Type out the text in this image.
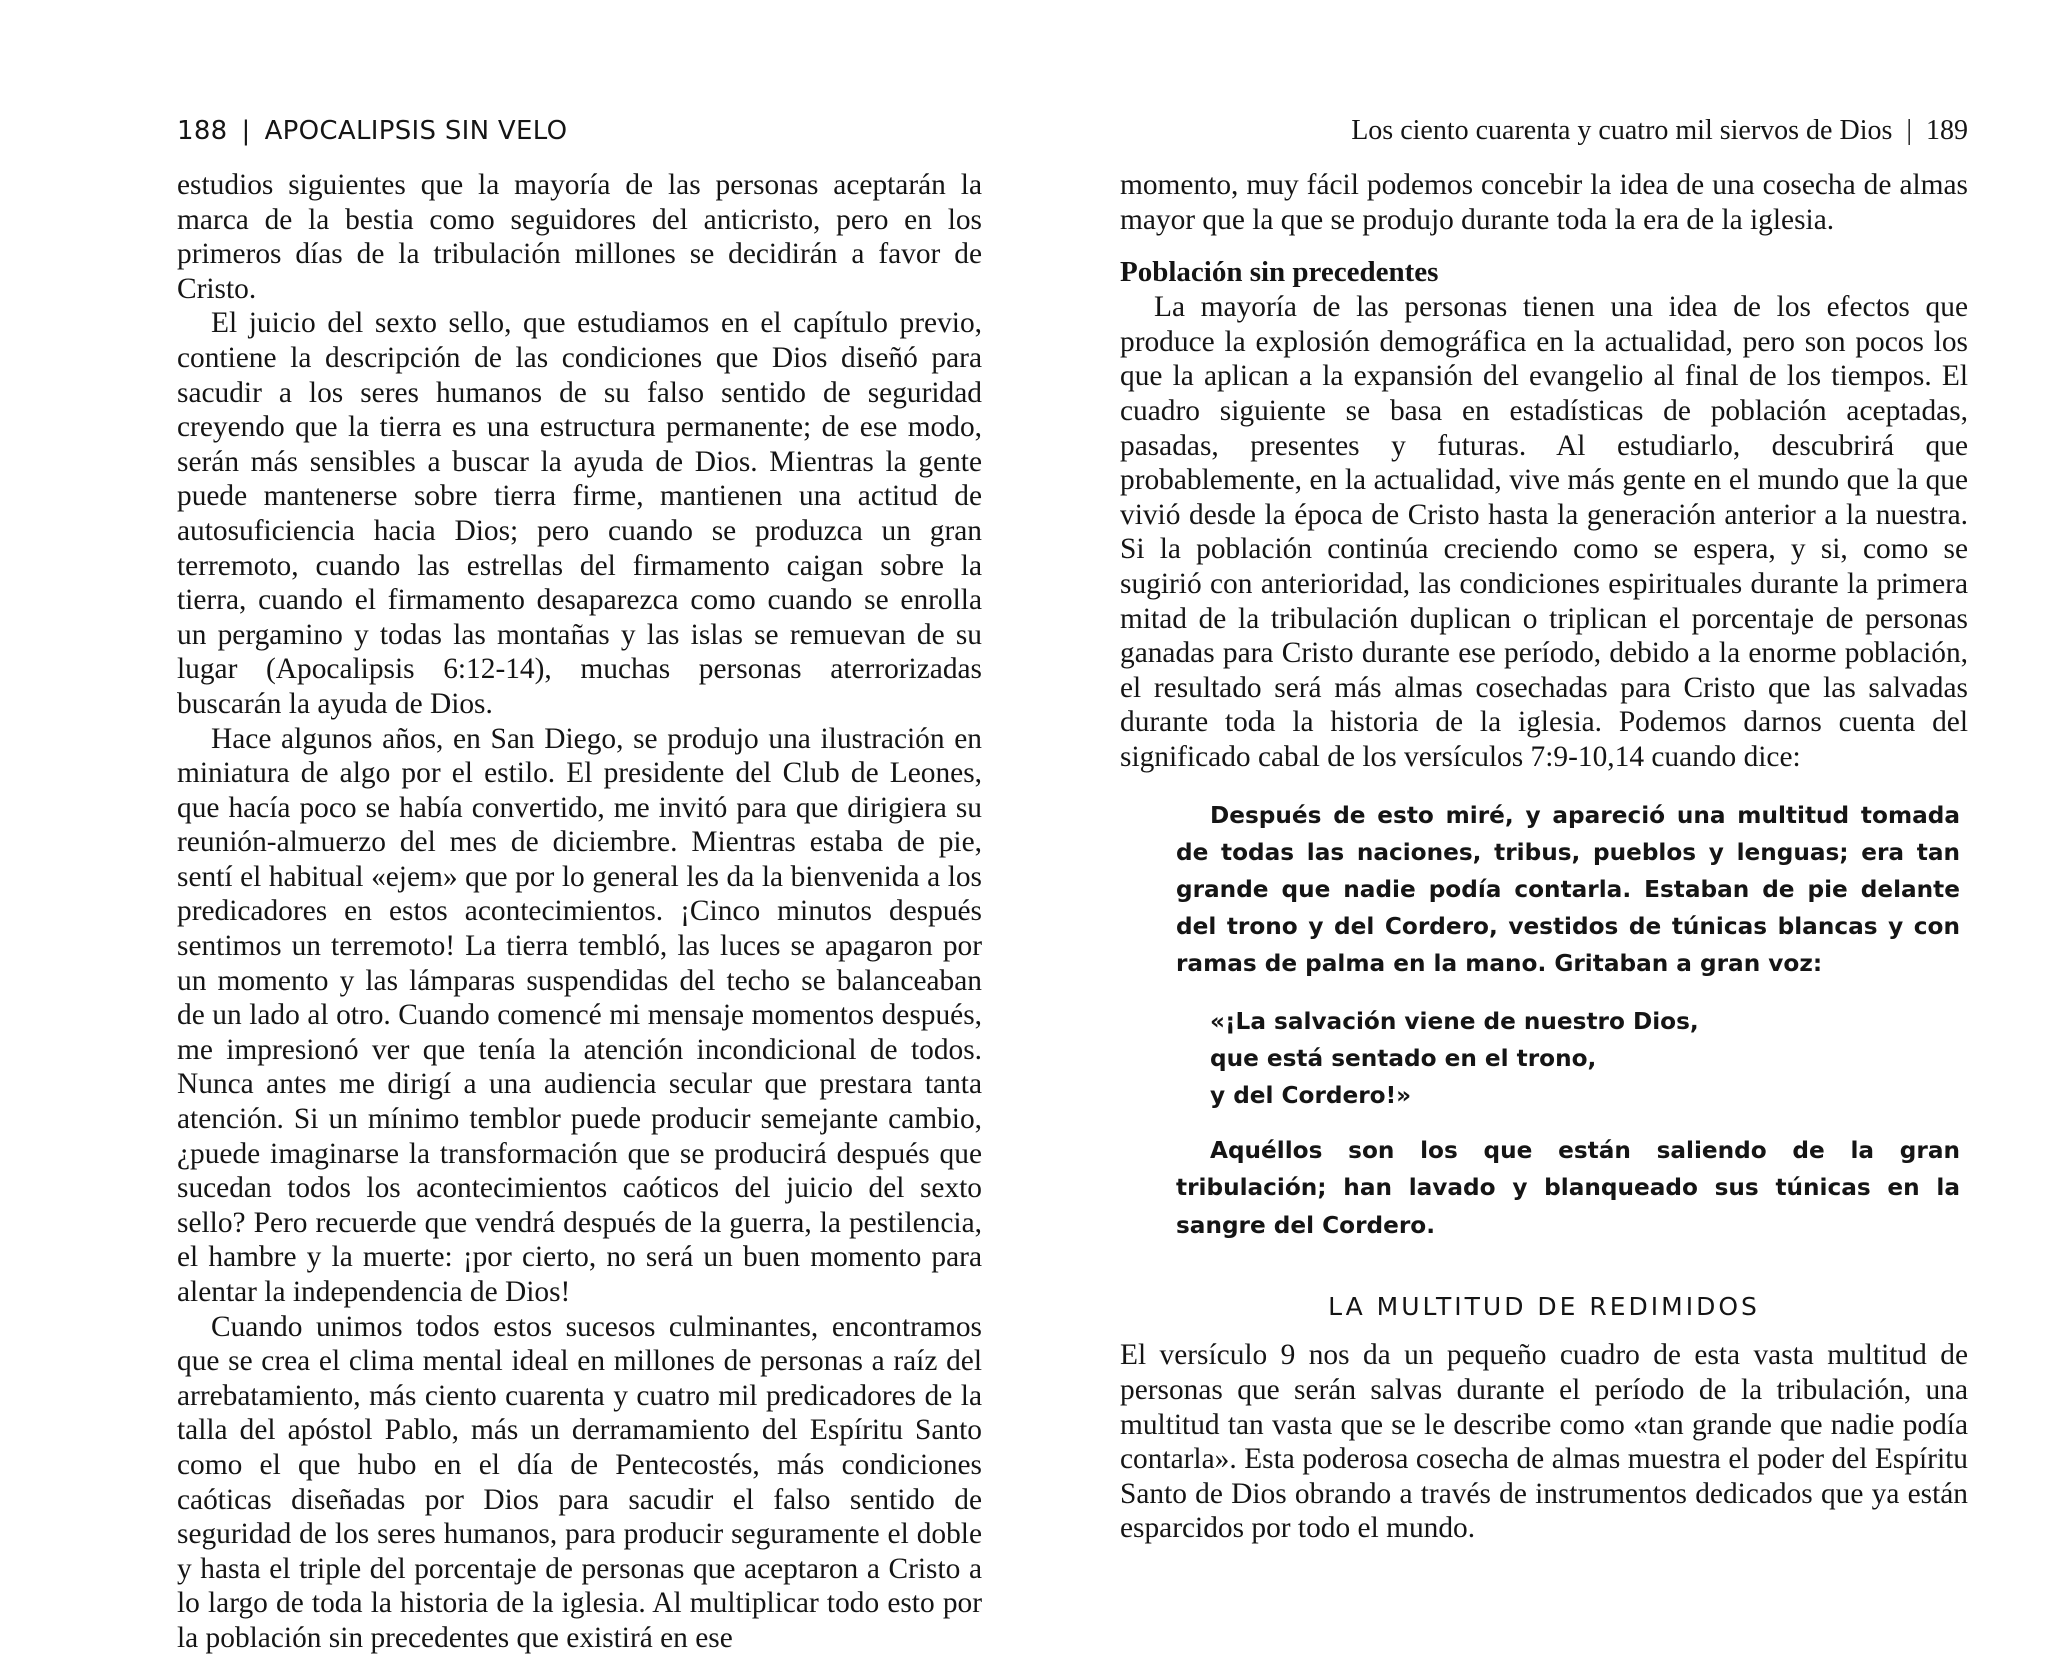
188 | APOCALIPSIS SIN VELO

estudios siguientes que la mayoría de las personas aceptarán la marca de la bestia como seguidores del anticristo, pero en los primeros días de la tribulación millones se decidirán a favor de Cristo.

El juicio del sexto sello, que estudiamos en el capítulo previo, contiene la descripción de las condiciones que Dios diseñó para sacudir a los seres humanos de su falso sentido de seguridad creyendo que la tierra es una estructura permanente; de ese modo, serán más sensibles a buscar la ayuda de Dios. Mientras la gente puede mantenerse sobre tierra firme, mantienen una actitud de autosuficiencia hacia Dios; pero cuando se produzca un gran terremoto, cuando las estrellas del firmamento caigan sobre la tierra, cuando el firmamento desaparezca como cuando se enrolla un pergamino y todas las montañas y las islas se remuevan de su lugar (Apocalipsis 6:12-14), muchas personas aterrorizadas buscarán la ayuda de Dios.

Hace algunos años, en San Diego, se produjo una ilustración en miniatura de algo por el estilo. El presidente del Club de Leones, que hacía poco se había convertido, me invitó para que dirigiera su reunión-almuerzo del mes de diciembre. Mientras estaba de pie, sentí el habitual «ejem» que por lo general les da la bienvenida a los predicadores en estos acontecimientos. ¡Cinco minutos después sentimos un terremoto! La tierra tembló, las luces se apagaron por un momento y las lámparas suspendidas del techo se balanceaban de un lado al otro. Cuando comencé mi mensaje momentos después, me impresionó ver que tenía la atención incondicional de todos. Nunca antes me dirigí a una audiencia secular que prestara tanta atención. Si un mínimo temblor puede producir semejante cambio, ¿puede imaginarse la transformación que se producirá después que sucedan todos los acontecimientos caóticos del juicio del sexto sello? Pero recuerde que vendrá después de la guerra, la pestilencia, el hambre y la muerte: ¡por cierto, no será un buen momento para alentar la independencia de Dios!

Cuando unimos todos estos sucesos culminantes, encontramos que se crea el clima mental ideal en millones de personas a raíz del arrebatamiento, más ciento cuarenta y cuatro mil predicadores de la talla del apóstol Pablo, más un derramamiento del Espíritu Santo como el que hubo en el día de Pentecostés, más condiciones caóticas diseñadas por Dios para sacudir el falso sentido de seguridad de los seres humanos, para producir seguramente el doble y hasta el triple del porcentaje de personas que aceptaron a Cristo a lo largo de toda la historia de la iglesia. Al multiplicar todo esto por la población sin precedentes que existirá en ese

Los ciento cuarenta y cuatro mil siervos de Dios | 189

momento, muy fácil podemos concebir la idea de una cosecha de almas mayor que la que se produjo durante toda la era de la iglesia.

Población sin precedentes

La mayoría de las personas tienen una idea de los efectos que produce la explosión demográfica en la actualidad, pero son pocos los que la aplican a la expansión del evangelio al final de los tiempos. El cuadro siguiente se basa en estadísticas de población aceptadas, pasadas, presentes y futuras. Al estudiarlo, descubrirá que probablemente, en la actualidad, vive más gente en el mundo que la que vivió desde la época de Cristo hasta la generación anterior a la nuestra. Si la población continúa creciendo como se espera, y si, como se sugirió con anterioridad, las condiciones espirituales durante la primera mitad de la tribulación duplican o triplican el porcentaje de personas ganadas para Cristo durante ese período, debido a la enorme población, el resultado será más almas cosechadas para Cristo que las salvadas durante toda la historia de la iglesia. Podemos darnos cuenta del significado cabal de los versículos 7:9-10,14 cuando dice:

Después de esto miré, y apareció una multitud tomada de todas las naciones, tribus, pueblos y lenguas; era tan grande que nadie podía contarla. Estaban de pie delante del trono y del Cordero, vestidos de túnicas blancas y con ramas de palma en la mano. Gritaban a gran voz:

«¡La salvación viene de nuestro Dios,
que está sentado en el trono,
y del Cordero!»

Aquéllos son los que están saliendo de la gran tribulación; han lavado y blanqueado sus túnicas en la sangre del Cordero.

LA MULTITUD DE REDIMIDOS

El versículo 9 nos da un pequeño cuadro de esta vasta multitud de personas que serán salvas durante el período de la tribulación, una multitud tan vasta que se le describe como «tan grande que nadie podía contarla». Esta poderosa cosecha de almas muestra el poder del Espíritu Santo de Dios obrando a través de instrumentos dedicados que ya están esparcidos por todo el mundo.
